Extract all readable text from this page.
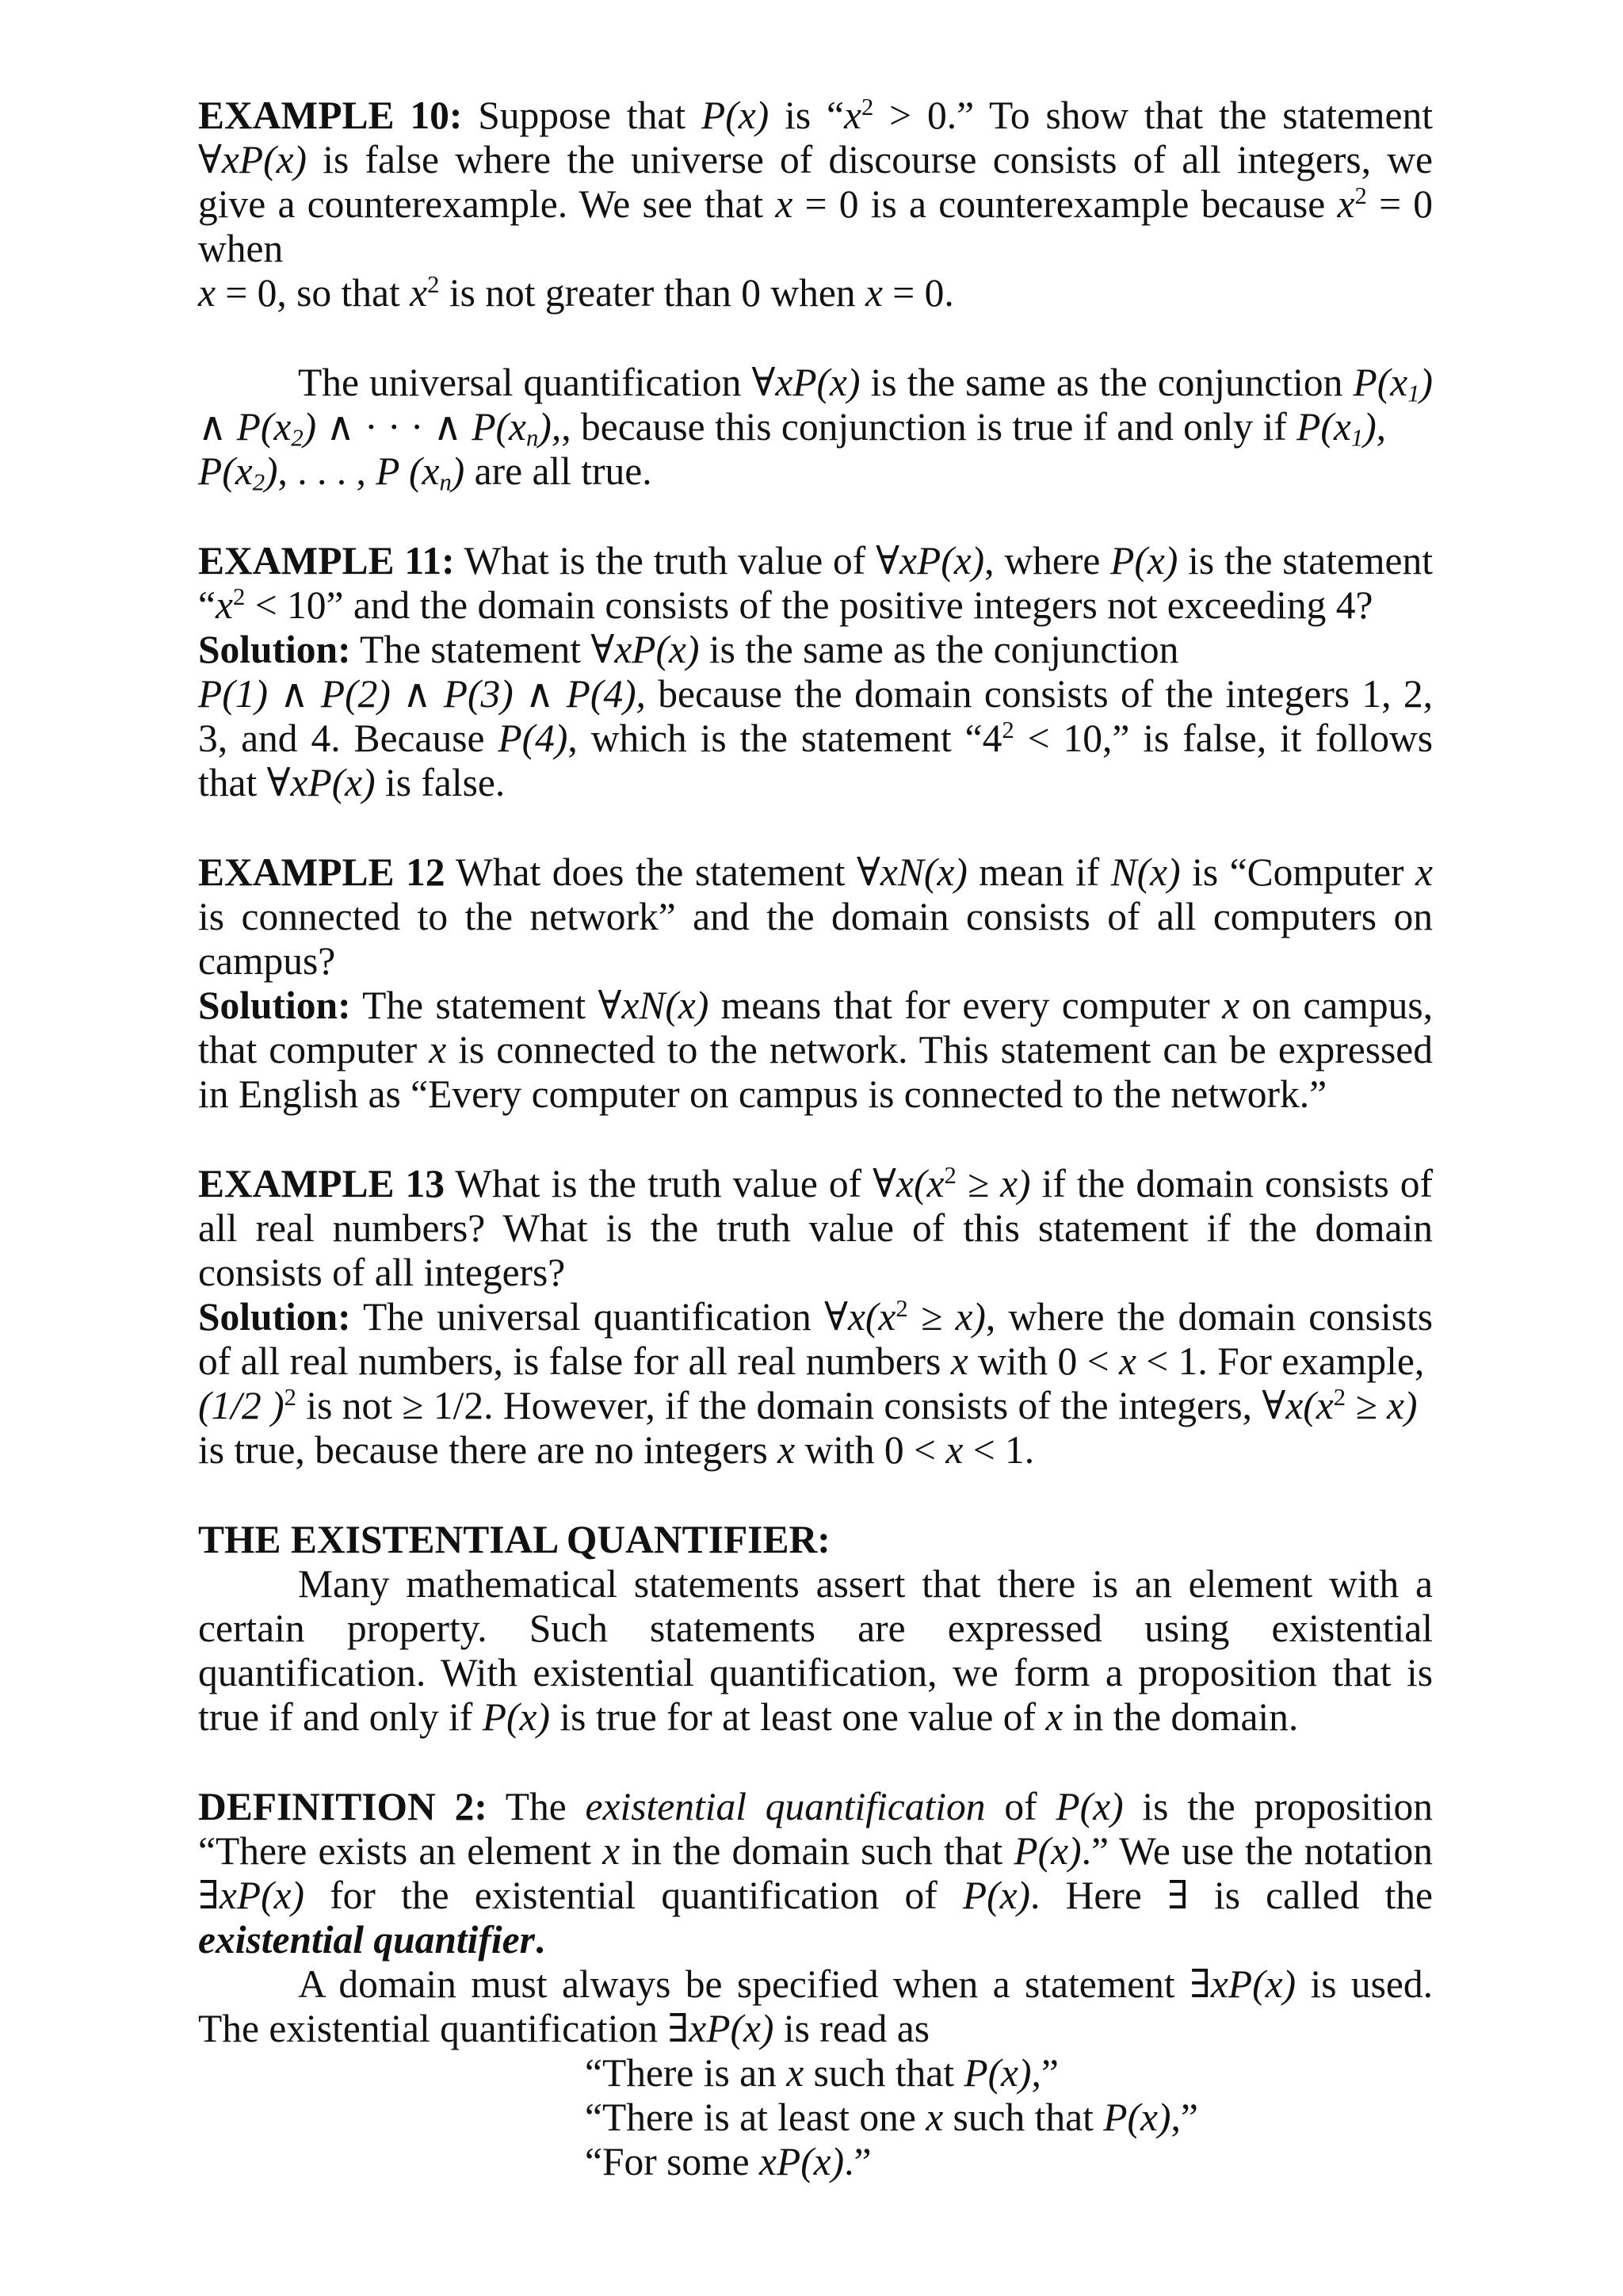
EXAMPLE 10: Suppose that P(x) is “$x^2 > 0$.” To show that the statement ∀xP(x) is false where the universe of discourse consists of all integers, we give a counterexample. We see that x = 0 is a counterexample because $x^2 = 0$ when
x = 0, so that $x^2$ is not greater than 0 when x = 0.

The universal quantification ∀xP(x) is the same as the conjunction $P(x_1)$ ∧ $P(x_2)$ ∧ · · · ∧ $P(x_n)$,, because this conjunction is true if and only if $P(x_1)$,
$P(x_2)$, . . . , P $(x_n)$ are all true.

EXAMPLE 11: What is the truth value of ∀xP(x), where P(x) is the statement “$x^2 < 10$” and the domain consists of the positive integers not exceeding 4?
Solution: The statement ∀xP(x) is the same as the conjunction
P(1) ∧ P(2) ∧ P(3) ∧ P(4), because the domain consists of the integers 1, 2, 3, and 4. Because P(4), which is the statement “$4^2 < 10$,” is false, it follows that ∀xP(x) is false.

EXAMPLE 12 What does the statement ∀xN(x) mean if N(x) is “Computer x is connected to the network” and the domain consists of all computers on campus?
Solution: The statement ∀xN(x) means that for every computer x on campus, that computer x is connected to the network. This statement can be expressed in English as “Every computer on campus is connected to the network.”

EXAMPLE 13 What is the truth value of $\forall x(x^2 \ge x)$ if the domain consists of all real numbers? What is the truth value of this statement if the domain consists of all integers?
Solution: The universal quantification $\forall x(x^2 \ge x)$, where the domain consists of all real numbers, is false for all real numbers x with 0 < x < 1. For example,
(1/2 )$^2$ is not ≥ 1/2. However, if the domain consists of the integers, $\forall x(x^2 \ge x)$
is true, because there are no integers x with 0 < x < 1.

THE EXISTENTIAL QUANTIFIER:

Many mathematical statements assert that there is an element with a certain property. Such statements are expressed using existential quantification. With existential quantification, we form a proposition that is true if and only if P(x) is true for at least one value of x in the domain.

DEFINITION 2: The existential quantification of P(x) is the proposition “There exists an element x in the domain such that P(x).” We use the notation ∃xP(x) for the existential quantification of P(x). Here ∃ is called the existential quantifier.

A domain must always be specified when a statement ∃xP(x) is used. The existential quantification ∃xP(x) is read as

“There is an x such that P(x),”
“There is at least one x such that P(x),”
“For some xP(x).”
